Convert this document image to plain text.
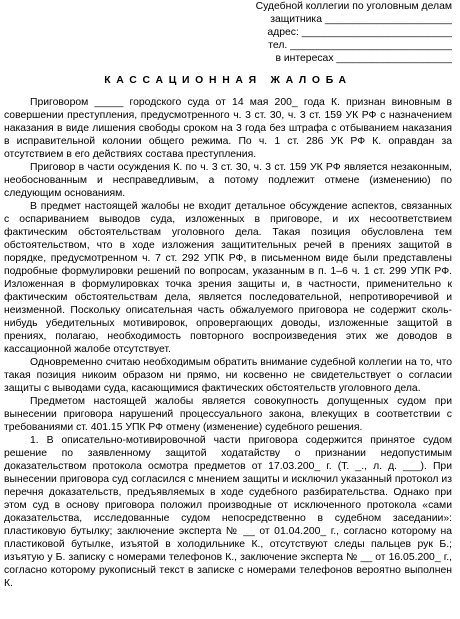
Судебной коллегии по уголовным делам
защитника ______________________
адрес: __________________________
тел. ____________________________
в интересах ____________________
КАССАЦИОННАЯ ЖАЛОБА

Приговором _____ городского суда от 14 мая 200_ года К. признан виновным в совершении преступления, предусмотренного ч. 3 ст. 30, ч. 3 ст. 159 УК РФ с назначением наказания в виде лишения свободы сроком на 3 года без штрафа с отбыванием наказания в исправительной колонии общего режима. По ч. 1 ст. 286 УК РФ К. оправдан за отсутствием в его действиях состава преступления.

Приговор в части осуждения К. по ч. 3 ст. 30, ч. 3 ст. 159 УК РФ является незаконным, необоснованным и несправедливым, а потому подлежит отмене (изменению) по следующим основаниям.

В предмет настоящей жалобы не входит детальное обсуждение аспектов, связанных с оспариванием выводов суда, изложенных в приговоре, и их несоответствием фактическим обстоятельствам уголовного дела. Такая позиция обусловлена тем обстоятельством, что в ходе изложения защитительных речей в прениях защитой в порядке, предусмотренном ч. 7 ст. 292 УПК РФ, в письменном виде были представлены подробные формулировки решений по вопросам, указанным в п. 1–6 ч. 1 ст. 299 УПК РФ. Изложенная в формулировках точка зрения защиты и, в частности, применительно к фактическим обстоятельствам дела, является последовательной, непротиворечивой и неизменной. Поскольку описательная часть обжалуемого приговора не содержит сколь-нибудь убедительных мотивировок, опровергающих доводы, изложенные защитой в прениях, полагаю, необходимость повторного воспроизведения этих же доводов в кассационной жалобе отсутствует.

Одновременно считаю необходимым обратить внимание судебной коллегии на то, что такая позиция никоим образом ни прямо, ни косвенно не свидетельствует о согласии защиты с выводами суда, касающимися фактических обстоятельств уголовного дела.

Предметом настоящей жалобы является совокупность допущенных судом при вынесении приговора нарушений процессуального закона, влекущих в соответствии с требованиями ст. 401.15 УПК РФ отмену (изменение) судебного решения.

1. В описательно-мотивировочной части приговора содержится принятое судом решение по заявленному защитой ходатайству о признании недопустимым доказательством протокола осмотра предметов от 17.03.200_ г. (Т. _., л. д. ___). При вынесении приговора суд согласился с мнением защиты и исключил указанный протокол из перечня доказательств, предъявляемых в ходе судебного разбирательства. Однако при этом суд в основу приговора положил производные от исключенного протокола «сами доказательства, исследованные судом непосредственно в судебном заседании»: пластиковую бутылку; заключение эксперта № __ от 01.04.200_ г., согласно которому на пластиковой бутылке, изъятой в холодильнике К., отсутствуют следы пальцев рук Б.; изъятую у Б. записку с номерами телефонов К., заключение эксперта № __ от 16.05.200_ г., согласно которому рукописный текст в записке с номерами телефонов вероятно выполнен К.
